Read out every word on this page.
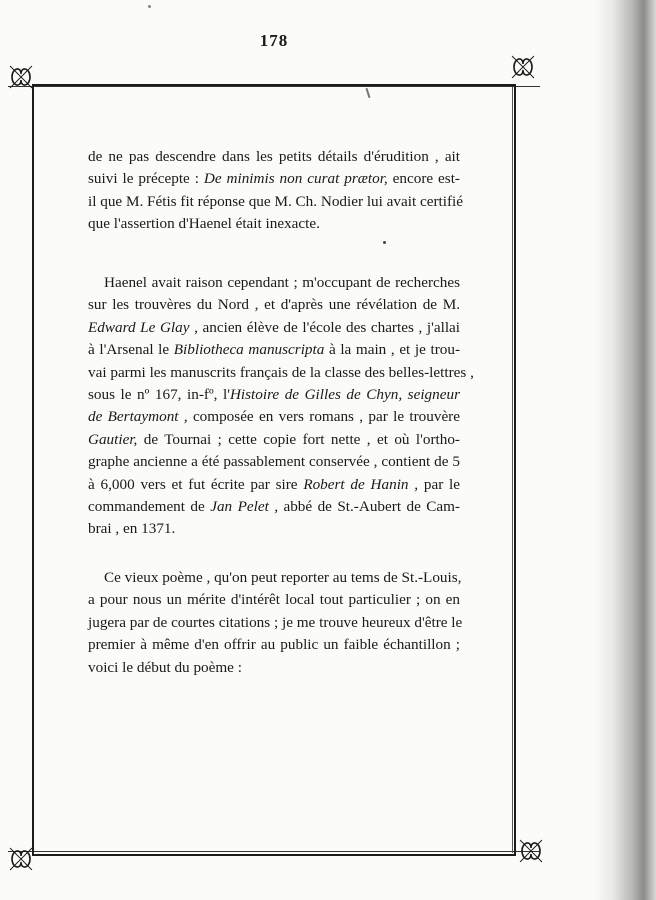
178
de ne pas descendre dans les petits détails d'érudition , ait
suivi le précepte : De minimis non curat prætor, encore est-
il que M. Fétis fit réponse que M. Ch. Nodier lui avait certifié
que l'assertion d'Haenel était inexacte.
Haenel avait raison cependant ; m'occupant de recherches
sur les trouvères du Nord , et d'après une révélation de M.
Edward Le Glay , ancien élève de l'école des chartes , j'allai
à l'Arsenal le Bibliotheca manuscripta à la main , et je trou-
vai parmi les manuscrits français de la classe des belles-lettres ,
sous le nº 167, in-fº, l'Histoire de Gilles de Chyn, seigneur
de Bertaymont , composée en vers romans , par le trouvère
Gautier, de Tournai ; cette copie fort nette , et où l'ortho-
graphe ancienne a été passablement conservée , contient de 5
à 6,000 vers et fut écrite par sire Robert de Hanin , par le
commandement de Jan Pelet , abbé de St.-Aubert de Cam-
brai , en 1371.
Ce vieux poème , qu'on peut reporter au tems de St.-Louis,
a pour nous un mérite d'intérêt local tout particulier ; on en
jugera par de courtes citations ; je me trouve heureux d'être le
premier à même d'en offrir au public un faible échantillon ;
voici le début du poème :
